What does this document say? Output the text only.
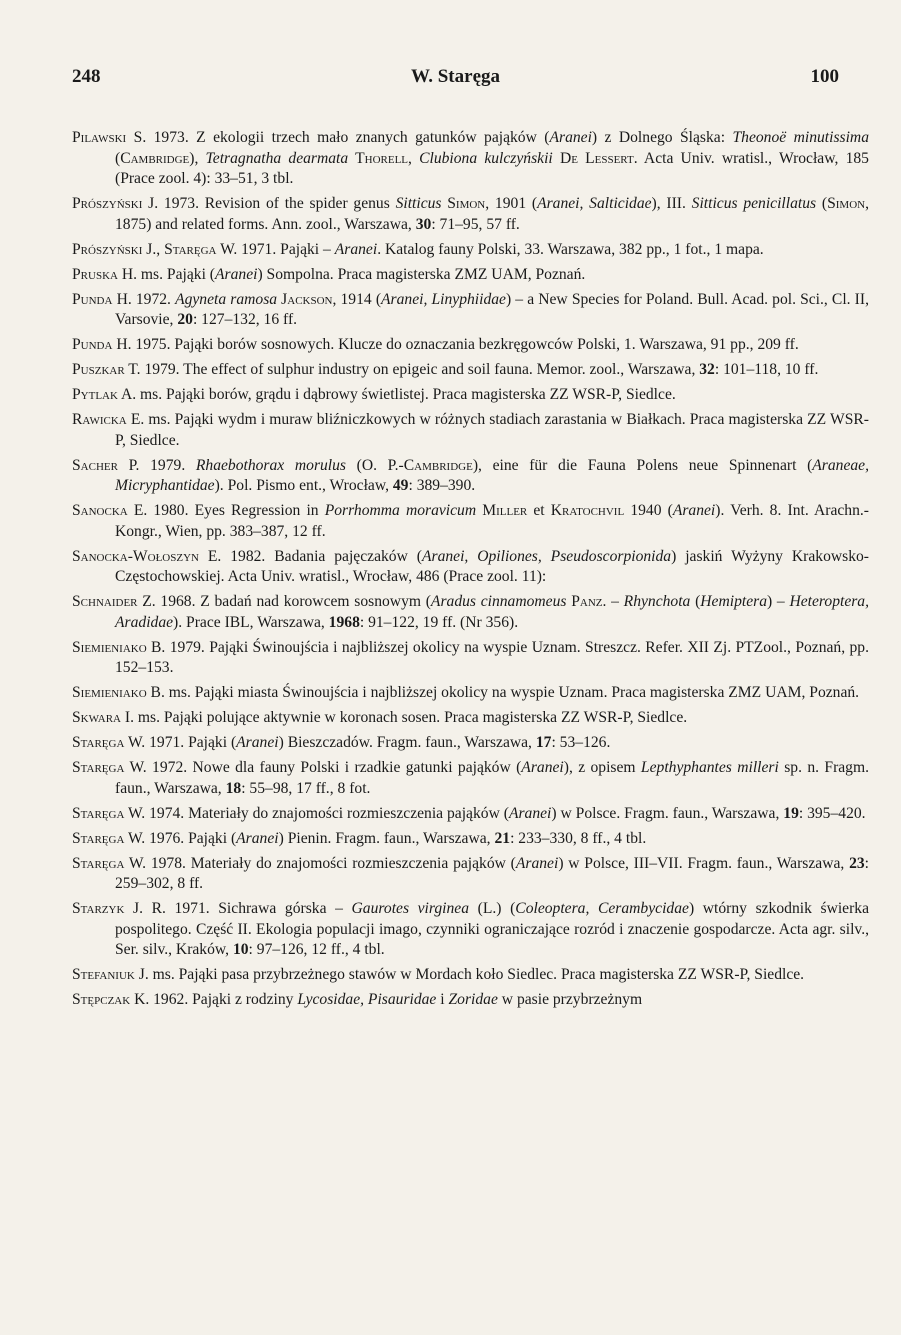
248	W. Staręga	100

Pilawski S. 1973. Z ekologii trzech mało znanych gatunków pająków (Aranei) z Dolnego Śląska: Theonoë minutissima (Cambridge), Tetragnatha dearmata Thorell, Clubiona kulczyńskii De Lessert. Acta Univ. wratisl., Wrocław, 185 (Prace zool. 4): 33–51, 3 tbl.

Prószyński J. 1973. Revision of the spider genus Sitticus Simon, 1901 (Aranei, Salticidae), III. Sitticus penicillatus (Simon, 1875) and related forms. Ann. zool., Warszawa, 30: 71–95, 57 ff.

Prószyński J., Staręga W. 1971. Pająki – Aranei. Katalog fauny Polski, 33. Warszawa, 382 pp., 1 fot., 1 mapa.

Pruska H. ms. Pająki (Aranei) Sompolna. Praca magisterska ZMZ UAM, Poznań.

Punda H. 1972. Agyneta ramosa Jackson, 1914 (Aranei, Linyphiidae) – a New Species for Poland. Bull. Acad. pol. Sci., Cl. II, Varsovie, 20: 127–132, 16 ff.

Punda H. 1975. Pająki borów sosnowych. Klucze do oznaczania bezkręgowców Polski, 1. Warszawa, 91 pp., 209 ff.

Puszkar T. 1979. The effect of sulphur industry on epigeic and soil fauna. Memor. zool., Warszawa, 32: 101–118, 10 ff.

Pytlak A. ms. Pająki borów, grądu i dąbrowy świetlistej. Praca magisterska ZZ WSR-P, Siedlce.

Rawicka E. ms. Pająki wydm i muraw bliźniczkowych w różnych stadiach zarastania w Białkach. Praca magisterska ZZ WSR-P, Siedlce.

Sacher P. 1979. Rhaebothorax morulus (O. P.-Cambridge), eine für die Fauna Polens neue Spinnenart (Araneae, Micryphantidae). Pol. Pismo ent., Wrocław, 49: 389–390.

Sanocka E. 1980. Eyes Regression in Porrhomma moravicum Miller et Kratochvil 1940 (Aranei). Verh. 8. Int. Arachn.-Kongr., Wien, pp. 383–387, 12 ff.

Sanocka-Wołoszyn E. 1982. Badania pajęczaków (Aranei, Opiliones, Pseudoscorpionida) jaskiń Wyżyny Krakowsko-Częstochowskiej. Acta Univ. wratisl., Wrocław, 486 (Prace zool. 11):

Schnaider Z. 1968. Z badań nad korowcem sosnowym (Aradus cinnamomeus Panz. – Rhynchota (Hemiptera) – Heteroptera, Aradidae). Prace IBL, Warszawa, 1968: 91–122, 19 ff. (Nr 356).

Siemieniako B. 1979. Pająki Świnoujścia i najbliższej okolicy na wyspie Uznam. Streszcz. Refer. XII Zj. PTZool., Poznań, pp. 152–153.

Siemieniako B. ms. Pająki miasta Świnoujścia i najbliższej okolicy na wyspie Uznam. Praca magisterska ZMZ UAM, Poznań.

Skwara I. ms. Pająki polujące aktywnie w koronach sosen. Praca magisterska ZZ WSR-P, Siedlce.

Staręga W. 1971. Pająki (Aranei) Bieszczadów. Fragm. faun., Warszawa, 17: 53–126.

Staręga W. 1972. Nowe dla fauny Polski i rzadkie gatunki pająków (Aranei), z opisem Lepthyphantes milleri sp. n. Fragm. faun., Warszawa, 18: 55–98, 17 ff., 8 fot.

Staręga W. 1974. Materiały do znajomości rozmieszczenia pająków (Aranei) w Polsce. Fragm. faun., Warszawa, 19: 395–420.

Staręga W. 1976. Pająki (Aranei) Pienin. Fragm. faun., Warszawa, 21: 233–330, 8 ff., 4 tbl.

Staręga W. 1978. Materiały do znajomości rozmieszczenia pająków (Aranei) w Polsce, III–VII. Fragm. faun., Warszawa, 23: 259–302, 8 ff.

Starzyk J. R. 1971. Sichrawa górska – Gaurotes virginea (L.) (Coleoptera, Cerambycidae) wtórny szkodnik świerka pospolitego. Część II. Ekologia populacji imago, czynniki ograniczające rozród i znaczenie gospodarcze. Acta agr. silv., Ser. silv., Kraków, 10: 97–126, 12 ff., 4 tbl.

Stefaniuk J. ms. Pająki pasa przybrzeżnego stawów w Mordach koło Siedlec. Praca magisterska ZZ WSR-P, Siedlce.

Stępczak K. 1962. Pająki z rodziny Lycosidae, Pisauridae i Zoridae w pasie przybrzeżnym
